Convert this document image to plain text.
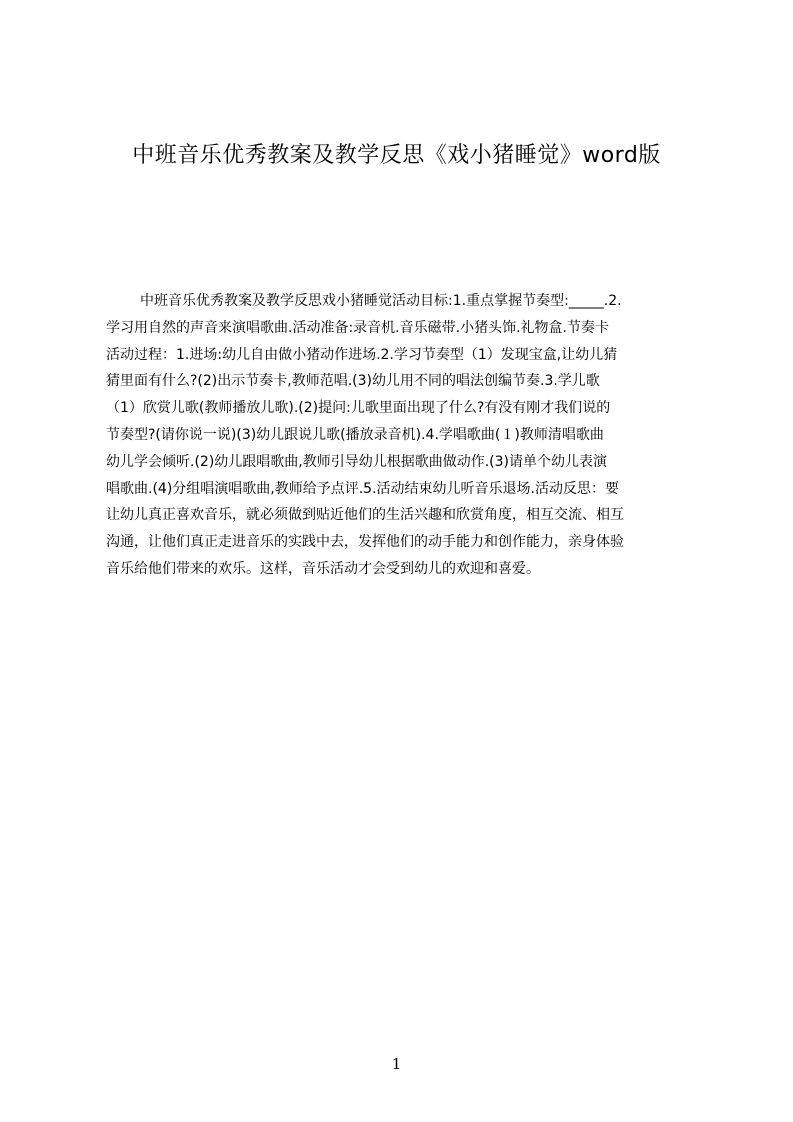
中班音乐优秀教案及教学反思《戏小猪睡觉》word版
中班音乐优秀教案及教学反思戏小猪睡觉活动目标:1.重点掌握节奏型:_____.2.
学习用自然的声音来演唱歌曲.活动准备:录音机.音乐磁带.小猪头饰.礼物盒.节奏卡
活动过程：1.进场:幼儿自由做小猪动作进场.2.学习节奏型（1）发现宝盒,让幼儿猜
猜里面有什么?(2)出示节奏卡,教师范唱.(3)幼儿用不同的唱法创编节奏.3.学儿歌
（1）欣赏儿歌(教师播放儿歌).(2)提问:儿歌里面出现了什么?有没有刚才我们说的
节奏型?(请你说一说)(3)幼儿跟说儿歌(播放录音机).4.学唱歌曲(１)教师清唱歌曲
幼儿学会倾听.(2)幼儿跟唱歌曲,教师引导幼儿根据歌曲做动作.(3)请单个幼儿表演
唱歌曲.(4)分组唱演唱歌曲,教师给予点评.5.活动结束幼儿听音乐退场.活动反思：要
让幼儿真正喜欢音乐，就必须做到贴近他们的生活兴趣和欣赏角度，相互交流、相互
沟通，让他们真正走进音乐的实践中去，发挥他们的动手能力和创作能力，亲身体验
音乐给他们带来的欢乐。这样，音乐活动才会受到幼儿的欢迎和喜爱。
1
